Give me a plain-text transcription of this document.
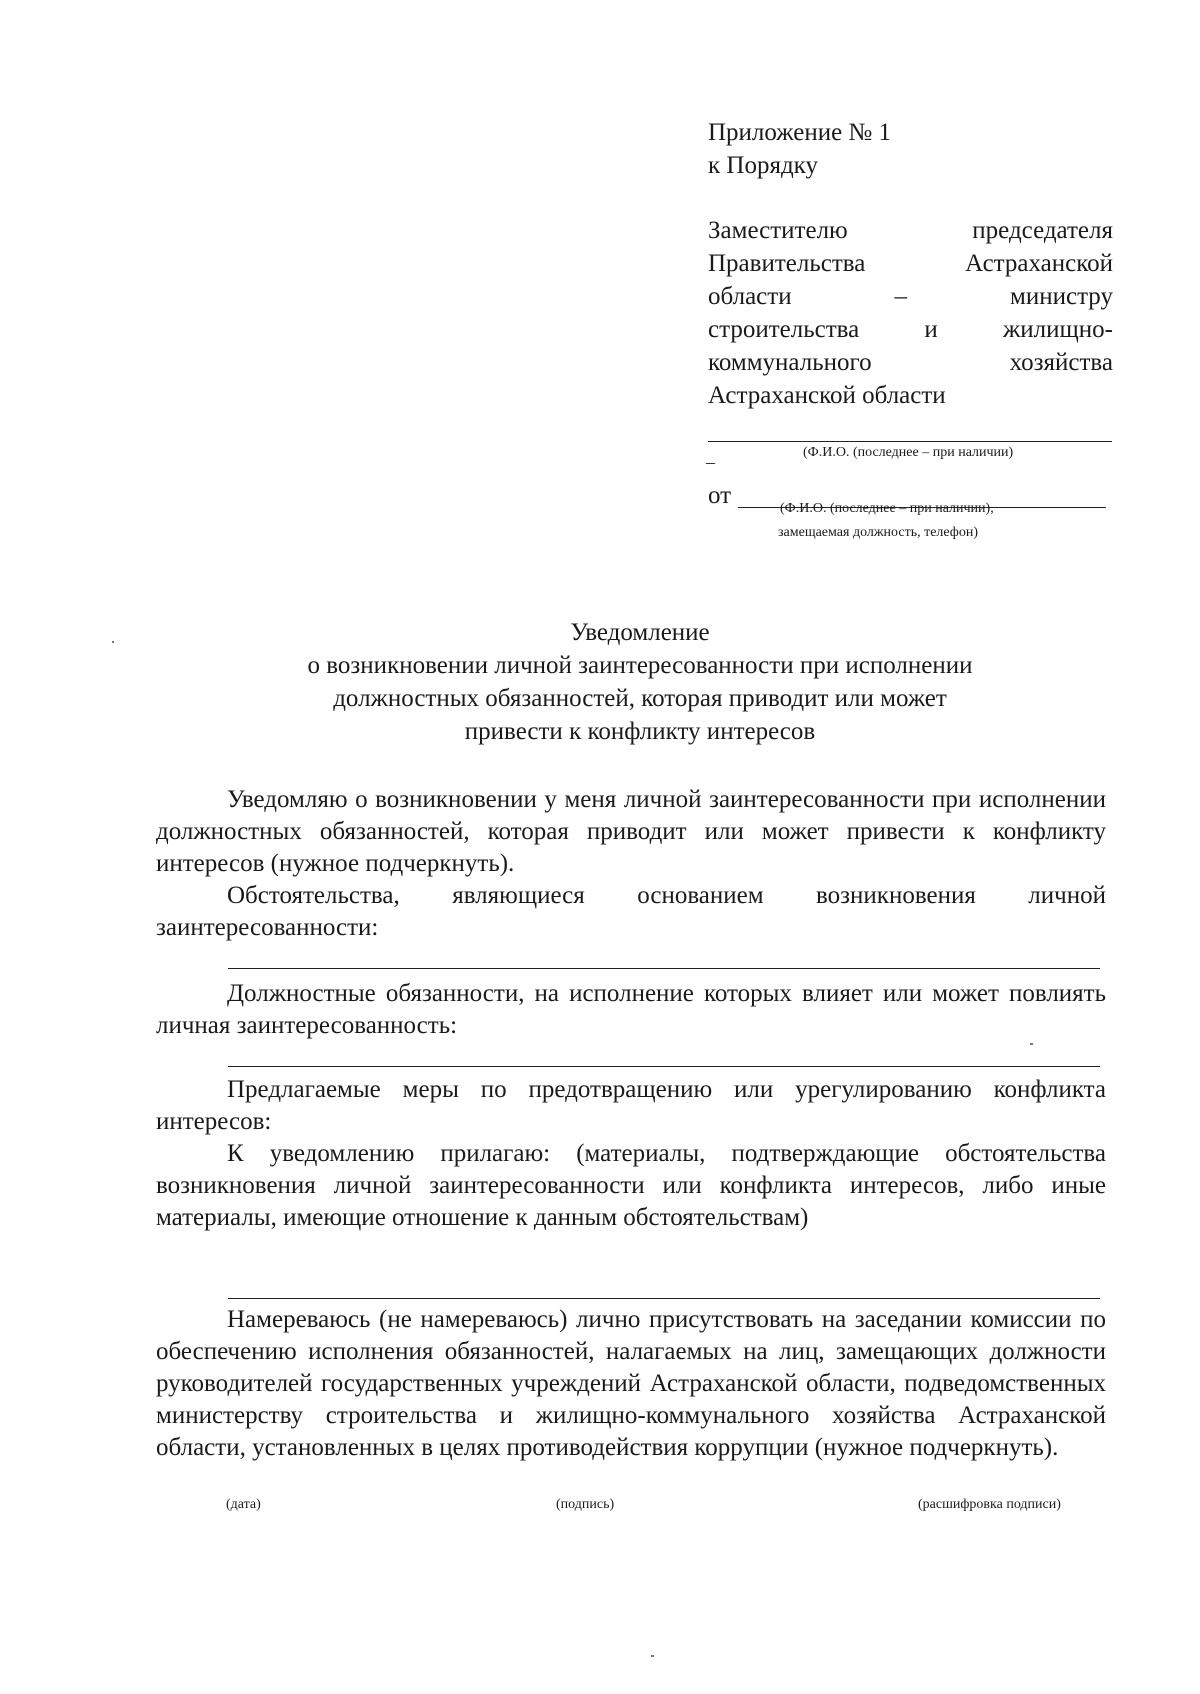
Приложение № 1
к Порядку
Заместителю	председателя
Правительства	Астраханской
области	–	министру
строительства	и	жилищно-
коммунального	хозяйства
Астраханской области
(Ф.И.О. (последнее – при наличии)
–
от	(Ф.И.О. (последнее – при наличии),
замещаемая должность, телефон)
Уведомление
о возникновении личной заинтересованности при исполнении
должностных обязанностей, которая приводит или может
привести к конфликту интересов

Уведомляю о возникновении у меня личной заинтересованности при исполнении должностных обязанностей, которая приводит или может привести к конфликту интересов (нужное подчеркнуть).

Обстоятельства, являющиеся основанием возникновения личной заинтересованности:

Должностные обязанности, на исполнение которых влияет или может повлиять личная заинтересованность:

Предлагаемые меры по предотвращению или урегулированию конфликта интересов:

К уведомлению прилагаю: (материалы, подтверждающие обстоятельства возникновения личной заинтересованности или конфликта интересов, либо иные материалы, имеющие отношение к данным обстоятельствам)

Намереваюсь (не намереваюсь) лично присутствовать на заседании комиссии по обеспечению исполнения обязанностей, налагаемых на лиц, замещающих должности руководителей государственных учреждений Астраханской области, подведомственных министерству строительства и жилищно-коммунального хозяйства Астраханской области, установленных в целях противодействия коррупции (нужное подчеркнуть).

(дата)	(подпись)	(расшифровка подписи)
